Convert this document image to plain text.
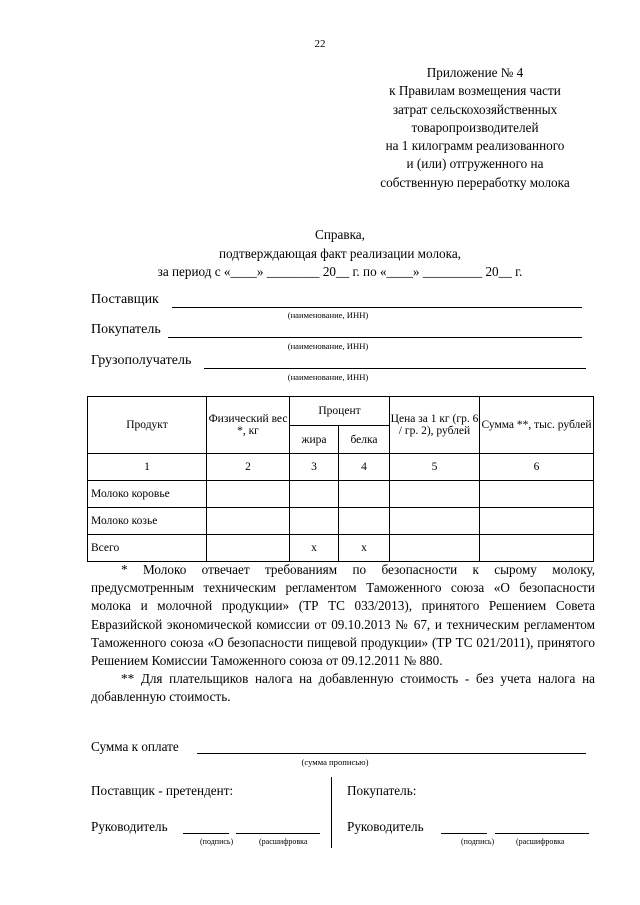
22
Приложение № 4
к Правилам возмещения части
затрат сельскохозяйственных
товаропроизводителей
на 1 килограмм реализованного
и (или) отгруженного на
собственную переработку молока
Справка,
подтверждающая факт реализации молока,
за период с «____» ________ 20__ г. по «____» _________ 20__ г.
Поставщик
(наименование, ИНН)
Покупатель
(наименование, ИНН)
Грузополучатель
(наименование, ИНН)
Продукт	Физический вес *, кг	Процент		Цена за 1 кг (гр. 6 / гр. 2), рублей	Сумма **, тыс. рублей
		жира	белка		
1	2	3	4	5	6
Молоко коровье					
Молоко козье					
Всего		x	x		

* Молоко отвечает требованиям по безопасности к сырому молоку, предусмотренным техническим регламентом Таможенного союза «О безопасности молока и молочной продукции» (ТР ТС 033/2013), принятого Решением Совета Евразийской экономической комиссии от 09.10.2013 № 67, и техническим регламентом Таможенного союза «О безопасности пищевой продукции» (ТР ТС 021/2011), принятого Решением Комиссии Таможенного союза от 09.12.2011 № 880.

** Для плательщиков налога на добавленную стоимость - без учета налога на добавленную стоимость.

Сумма к оплате
(сумма прописью)
Поставщик - претендент:	Покупатель:
Руководитель
(подпись)	(расшифровка
Руководитель
(подпись)	(расшифровка
